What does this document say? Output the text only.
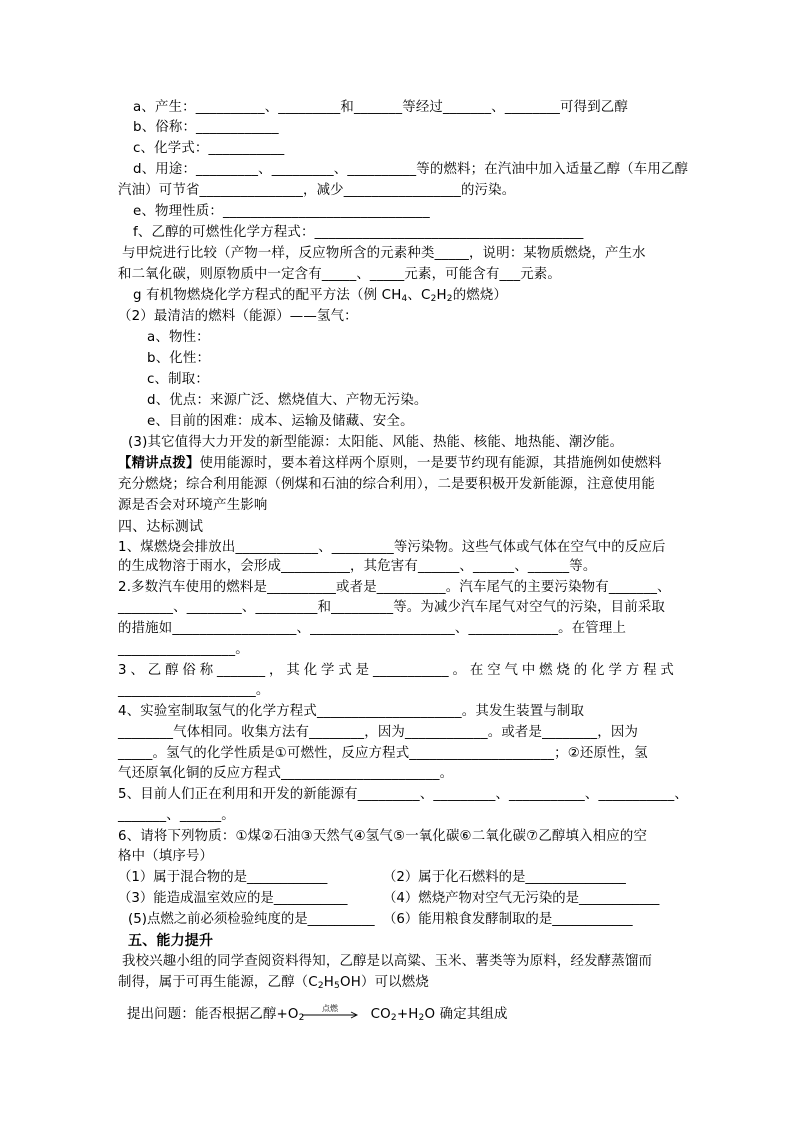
a、产生：__________、_________和_______等经过_______、________可得到乙醇
b、俗称：____________
c、化学式：___________
d、用途：_________、_________、__________等的燃料；在汽油中加入适量乙醇（车用乙醇
汽油）可节省_______________，减少_________________的污染。
e、物理性质：______________________________
f、乙醇的可燃性化学方程式：_______________________________________
与甲烷进行比较（产物一样，反应物所含的元素种类_____，说明：某物质燃烧，产生水
和二氧化碳，则原物质中一定含有_____、_____元素，可能含有___元素。
g 有机物燃烧化学方程式的配平方法（例 $CH_4$、$C_2H_2$的燃烧）
（2）最清洁的燃料（能源）——氢气：
a、物性：
b、化性：
c、制取：
d、优点：来源广泛、燃烧值大、产物无污染。
e、目前的困难：成本、运输及储藏、安全。
(3)其它值得大力开发的新型能源：太阳能、风能、热能、核能、地热能、潮汐能。
【精讲点拨】使用能源时，要本着这样两个原则，一是要节约现有能源，其措施例如使燃料
充分燃烧；综合利用能源（例煤和石油的综合利用），二是要积极开发新能源，注意使用能
源是否会对环境产生影响
四、达标测试
1、煤燃烧会排放出____________、_________等污染物。这些气体或气体在空气中的反应后
的生成物溶于雨水，会形成__________，其危害有______、______、______等。
2.多数汽车使用的燃料是__________或者是__________。汽车尾气的主要污染物有_______、
________、________、_________和_________等。为减少汽车尾气对空气的污染，目前采取
的措施如__________________、_____________________、_____________。在管理上
_________________。
3、乙醇俗称_______，其化学式是___________。在空气中燃烧的化学方程式
____________________。
4、实验室制取氢气的化学方程式_____________________。其发生装置与制取
________气体相同。收集方法有________，因为____________。或者是________，因为
_____。氢气的化学性质是①可燃性，反应方程式_____________________；②还原性，氢
气还原氧化铜的反应方程式_______________________。
5、目前人们正在利用和开发的新能源有_________、_________、___________、___________、
_______、______。
6、请将下列物质：①煤②石油③天然气④氢气⑤一氧化碳⑥二氧化碳⑦乙醇填入相应的空
格中（填序号）
（1）属于混合物的是____________	（2）属于化石燃料的是_______________
（3）能造成温室效应的是___________	（4）燃烧产物对空气无污染的是____________
(5)点燃之前必须检验纯度的是__________ （6）能用粮食发酵制取的是____________
五、能力提升
我校兴趣小组的同学查阅资料得知，乙醇是以高粱、玉米、薯类等为原料，经发酵蒸馏而
制得，属于可再生能源，乙醇$(C_2H_5OH)$可以燃烧
提出问题：能否根据乙醇$+O_2$	$CO_2+H_2O$ 确定其组成
点燃
